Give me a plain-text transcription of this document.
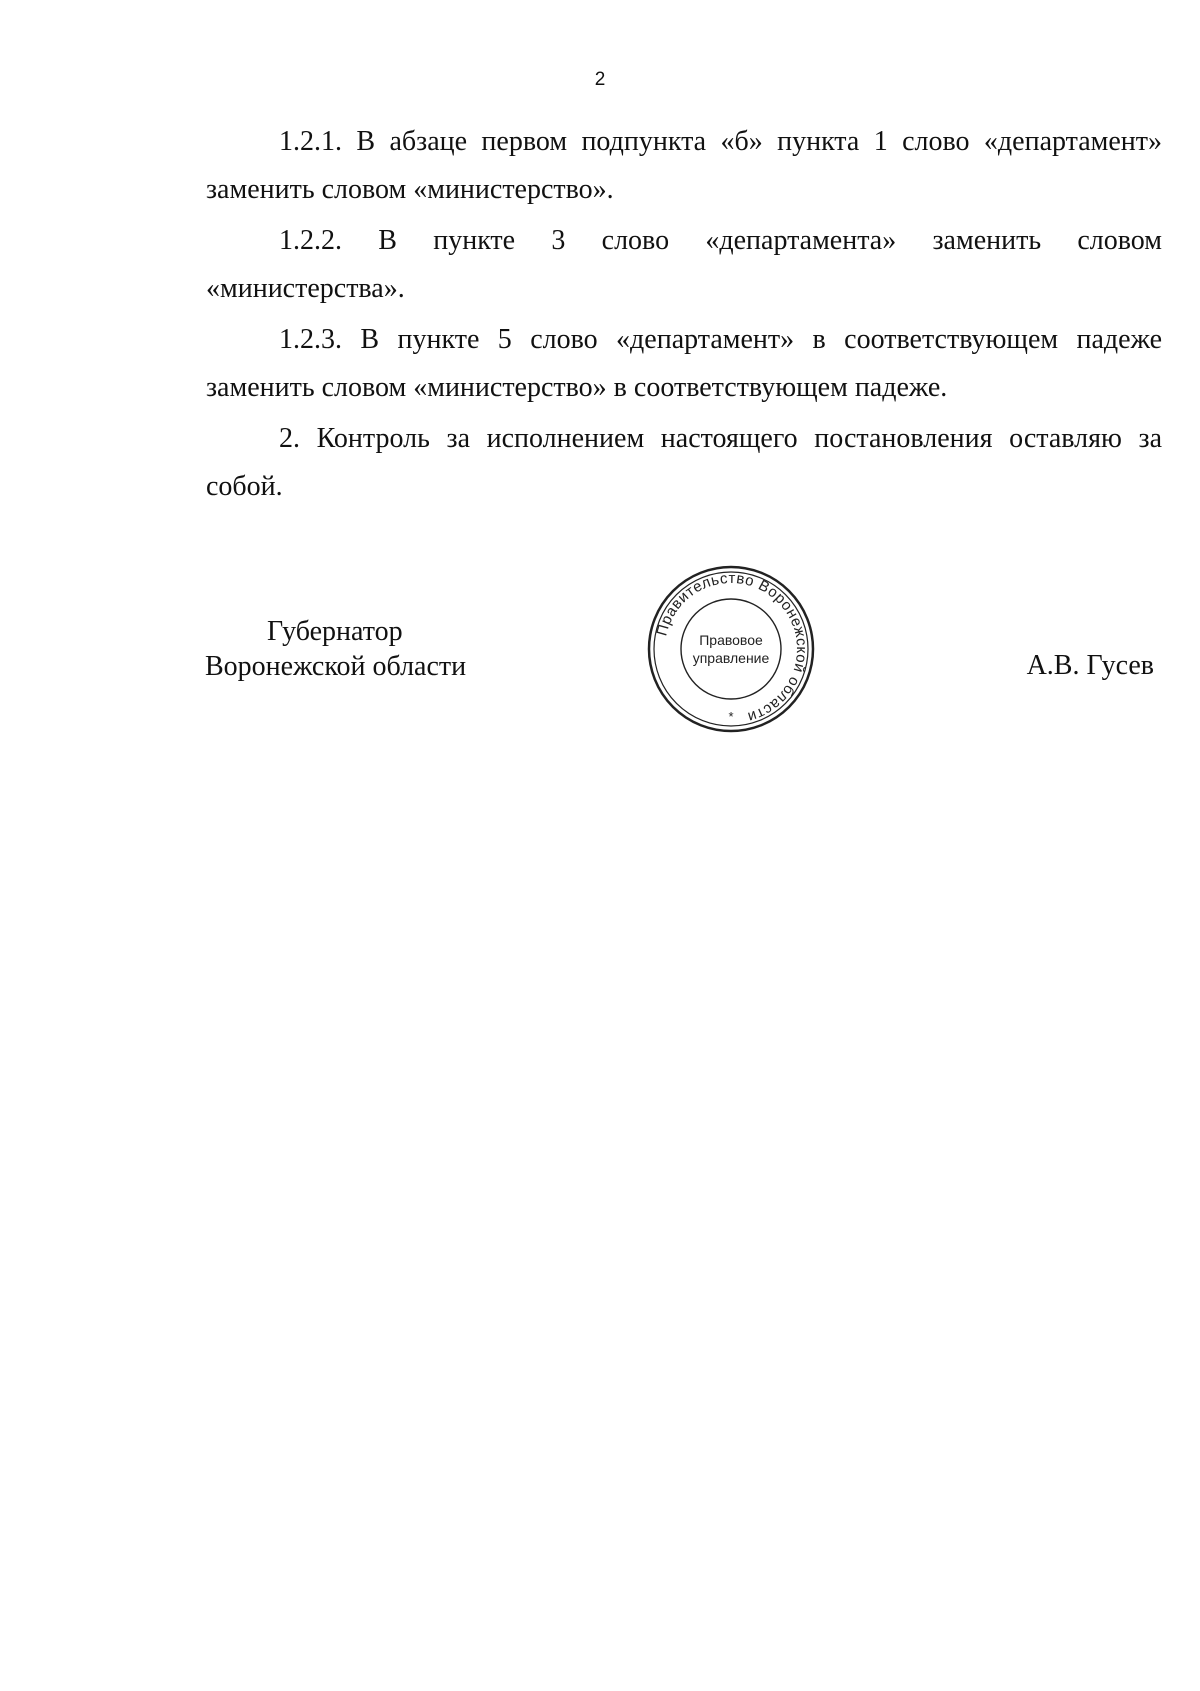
2

1.2.1. В абзаце первом подпункта «б» пункта 1 слово «департамент» заменить словом «министерство».

1.2.2. В пункте 3 слово «департамента» заменить словом «министерства».

1.2.3. В пункте 5 слово «департамент» в соответствующем падеже заменить словом «министерство» в соответствующем падеже.

2. Контроль за исполнением настоящего постановления оставляю за собой.

Губернатор
Воронежской области
Правительство Воронежской области
Правовое
управление
*
А.В. Гусев
